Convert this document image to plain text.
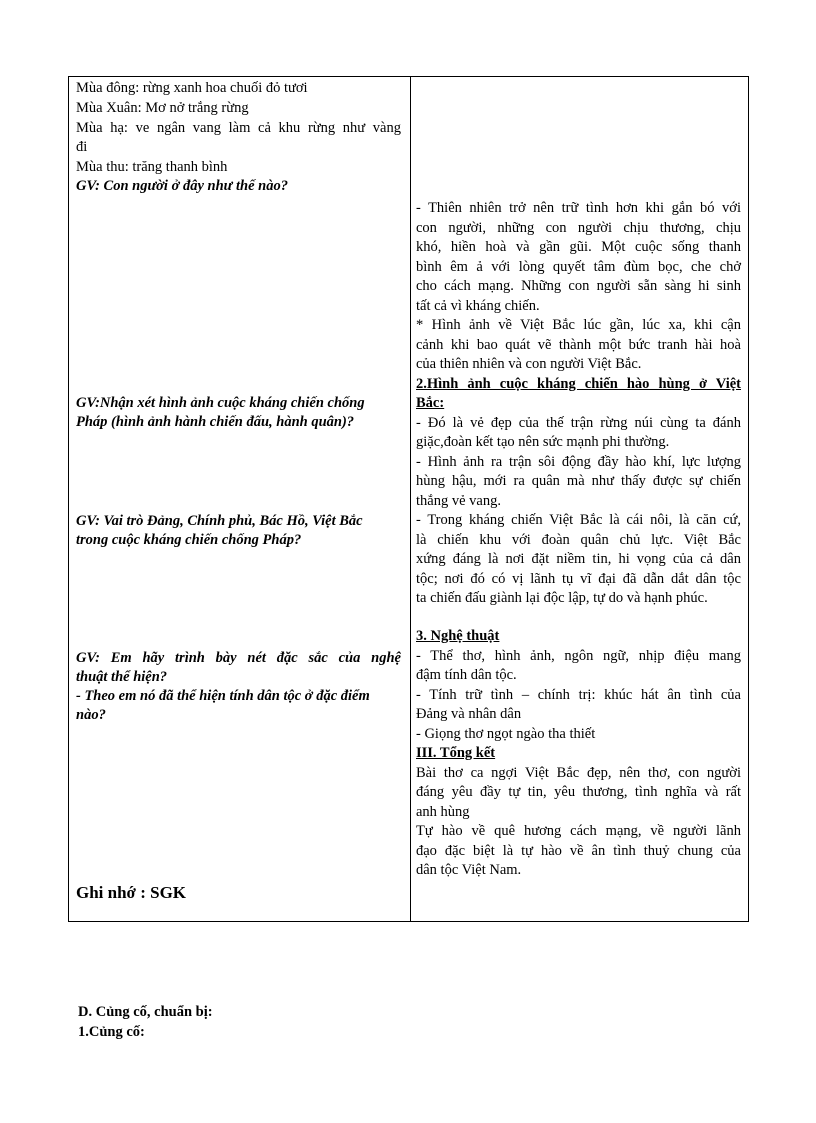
Mùa đông: rừng xanh hoa chuối đỏ tươi
Mùa Xuân: Mơ nở trắng rừng
Mùa hạ: ve ngân vang làm cả khu rừng như vàng
đi
Mùa thu: trăng thanh bình
GV: Con người ở đây như thế nào?
GV:Nhận xét hình ảnh cuộc kháng chiến chống
Pháp (hình ảnh hành chiến đấu, hành quân)?
GV: Vai trò Đảng, Chính phủ, Bác Hồ, Việt Bắc
trong cuộc kháng chiến chống Pháp?
GV: Em hãy trình bày nét đặc sắc của nghệ
thuật thể hiện?
- Theo em nó đã thể hiện tính dân tộc ở đặc điểm
nào?
Ghi nhớ : SGK
- Thiên nhiên trở nên trữ tình hơn khi gắn bó với
con người, những con người chịu thương, chịu
khó, hiền hoà và gần gũi. Một cuộc sống thanh
bình êm ả với lòng quyết tâm đùm bọc, che chở
cho cách mạng. Những con người sẵn sàng hi sinh
tất cả vì kháng chiến.
* Hình ảnh về Việt Bắc lúc gần, lúc xa, khi cận
cảnh khi bao quát vẽ thành một bức tranh hài hoà
của thiên nhiên và con người Việt Bắc.
2.Hình ảnh cuộc kháng chiến hào hùng ở Việt
Bắc:
- Đó là vẻ đẹp của thế trận rừng núi cùng ta đánh
giặc,đoàn kết tạo nên sức mạnh phi thường.
- Hình ảnh ra trận sôi động đầy hào khí, lực lượng
hùng hậu, mới ra quân mà như thấy được sự chiến
thắng vẻ vang.
- Trong kháng chiến Việt Bắc là cái nôi, là căn cứ,
là chiến khu với đoàn quân chủ lực. Việt Bắc
xứng đáng là nơi đặt niềm tin, hi vọng của cả dân
tộc; nơi đó có vị lãnh tụ vĩ đại đã dẫn dắt dân tộc
ta chiến đấu giành lại độc lập, tự do và hạnh phúc.
3. Nghệ thuật
- Thể thơ, hình ảnh, ngôn ngữ, nhịp điệu mang
đậm tính dân tộc.
- Tính trữ tình – chính trị: khúc hát ân tình của
Đảng và nhân dân
- Giọng thơ ngọt ngào tha thiết
III. Tổng kết
Bài thơ ca ngợi Việt Bắc đẹp, nên thơ, con người
đáng yêu đầy tự tin, yêu thương, tình nghĩa và rất
anh hùng
Tự hào về quê hương cách mạng, về người lãnh
đạo đặc biệt là tự hào về ân tình thuỷ chung của
dân tộc Việt Nam.
D. Củng cố, chuẩn bị:
1.Củng cố:
